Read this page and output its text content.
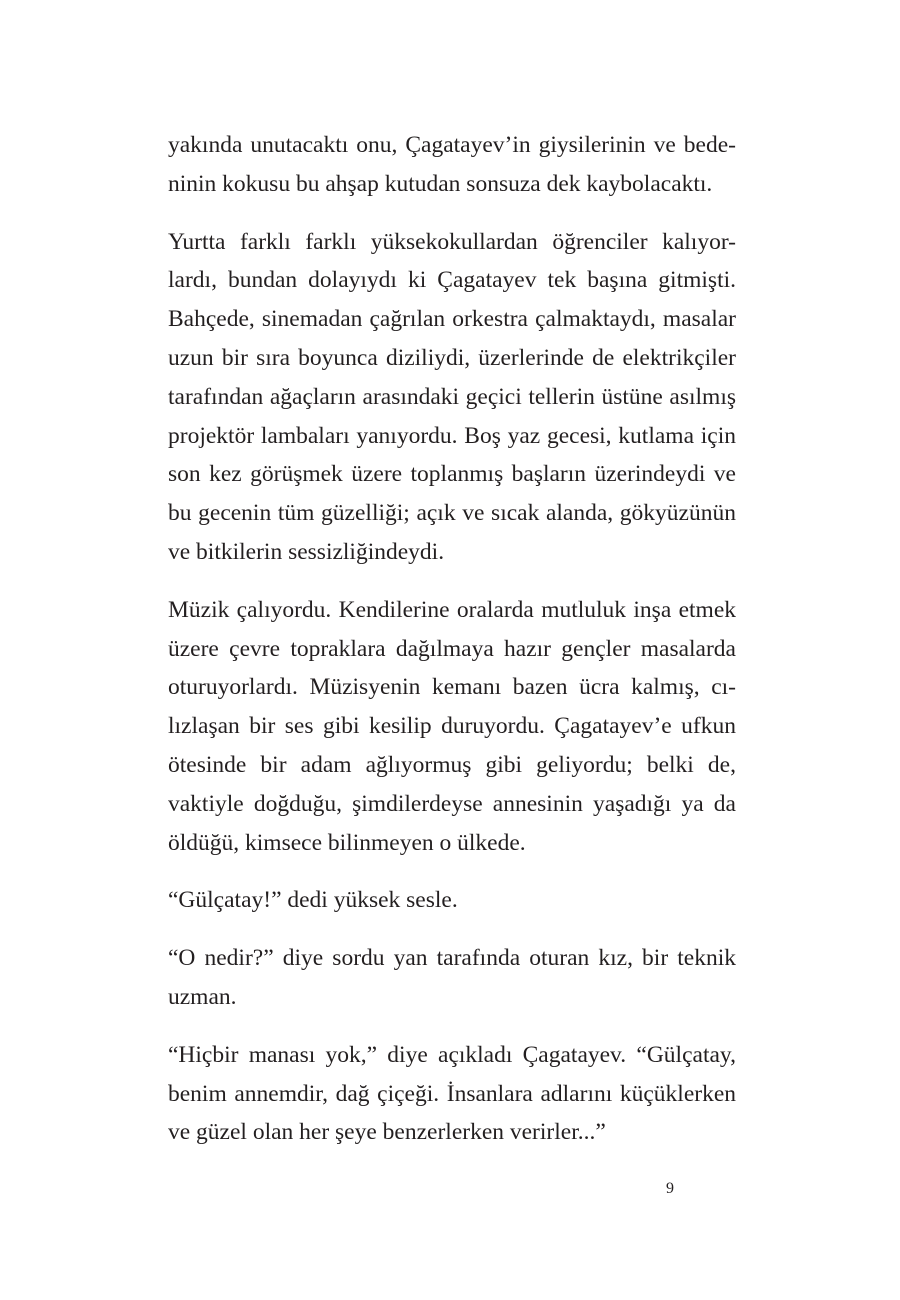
yakında unutacaktı onu, Çagatayev’in giysilerinin ve bede-
ninin kokusu bu ahşap kutudan sonsuza dek kaybolacaktı.

Yurtta farklı farklı yüksekokullardan öğrenciler kalıyor-
lardı, bundan dolayıydı ki Çagatayev tek başına gitmişti.
Bahçede, sinemadan çağrılan orkestra çalmaktaydı, masalar
uzun bir sıra boyunca diziliydi, üzerlerinde de elektrikçiler
tarafından ağaçların arasındaki geçici tellerin üstüne asılmış
projektör lambaları yanıyordu. Boş yaz gecesi, kutlama için
son kez görüşmek üzere toplanmış başların üzerindeydi ve
bu gecenin tüm güzelliği; açık ve sıcak alanda, gökyüzünün
ve bitkilerin sessizliğindeydi.

Müzik çalıyordu. Kendilerine oralarda mutluluk inşa etmek
üzere çevre topraklara dağılmaya hazır gençler masalarda
oturuyorlardı. Müzisyenin kemanı bazen ücra kalmış, cı-
lızlaşan bir ses gibi kesilip duruyordu. Çagatayev’e ufkun
ötesinde bir adam ağlıyormuş gibi geliyordu; belki de,
vaktiyle doğduğu, şimdilerdeyse annesinin yaşadığı ya da
öldüğü, kimsece bilinmeyen o ülkede.

“Gülçatay!” dedi yüksek sesle.

“O nedir?” diye sordu yan tarafında oturan kız, bir teknik
uzman.

“Hiçbir manası yok,” diye açıkladı Çagatayev. “Gülçatay,
benim annemdir, dağ çiçeği. İnsanlara adlarını küçüklerken
ve güzel olan her şeye benzerlerken verirler...”

9
